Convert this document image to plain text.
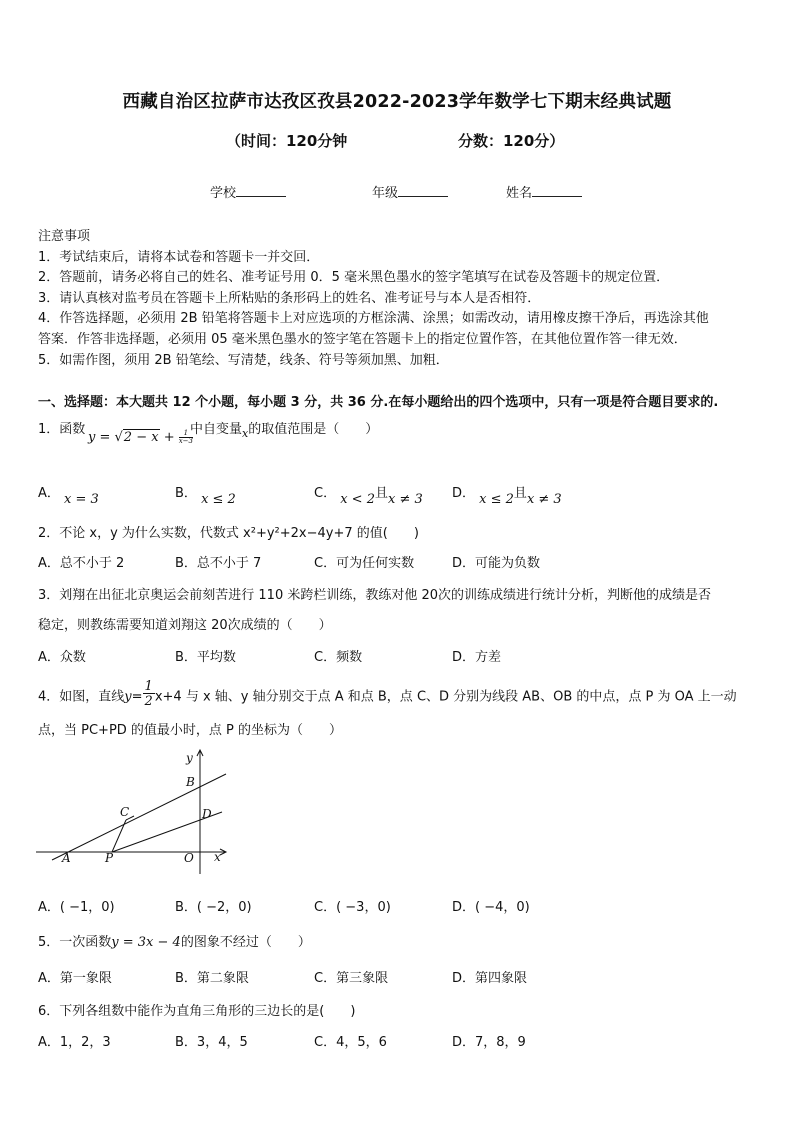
西藏自治区拉萨市达孜区孜县2022-2023学年数学七下期末经典试题
（时间：120分钟	分数：120分）
学校	年级	姓名
注意事项
1．考试结束后，请将本试卷和答题卡一并交回．
2．答题前，请务必将自己的姓名、准考证号用 0．5 毫米黑色墨水的签字笔填写在试卷及答题卡的规定位置．
3．请认真核对监考员在答题卡上所粘贴的条形码上的姓名、准考证号与本人是否相符．
4．作答选择题，必须用 2B 铅笔将答题卡上对应选项的方框涂满、涂黑；如需改动，请用橡皮擦干净后，再选涂其他
答案．作答非选择题，必须用 05 毫米黑色墨水的签字笔在答题卡上的指定位置作答，在其他位置作答一律无效．
5．如需作图，须用 2B 铅笔绘、写清楚，线条、符号等须加黑、加粗．
一、选择题：本大题共 12 个小题，每小题 3 分，共 36 分.在每小题给出的四个选项中，只有一项是符合题目要求的.
1．函数
$y = √2 - x + \frac{1}{x-3}$
中自变量$_x$的取值范围是（　　）
A． x = 3	B． x ≤ 2	C． x < 2且x ≠ 3 D． x ≤ 2且x ≠ 3
2．不论 x，y 为什么实数，代数式 x²+y²+2x−4y+7 的值(　　)
A．总不小于 2	B．总不小于 7	C．可为任何实数	D．可能为负数
3．刘翔在出征北京奥运会前刻苦进行 110 米跨栏训练，教练对他 20次的训练成绩进行统计分析，判断他的成绩是否
稳定，则教练需要知道刘翔这 20次成绩的（　　）
A．众数	B．平均数	C．频数	D．方差
4．如图，直线$y= \frac{1}{2} x+4$ 与 x 轴、y 轴分别交于点 A 和点 B，点 C、D 分别为线段 AB、OB 的中点，点 P 为 OA 上一动
点，当 PC+PD 的值最小时，点 P 的坐标为（　　）
y
x
B
C	D
A	P	O
A．( −1，0)	B．( −2，0)	C．( −3，0)	D．( −4，0)
5．一次函数y = 3x − 4的图象不经过（　　）
A．第一象限	B．第二象限	C．第三象限	D．第四象限
6．下列各组数中能作为直角三角形的三边长的是(　　)
A．1，2，3	B．3，4，5	C．4，5，6	D．7，8，9
